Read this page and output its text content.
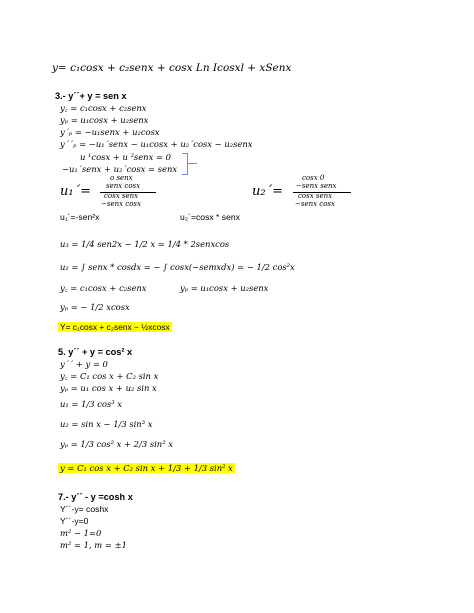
y= c₁cosx + c₂senx + cosx Ln Icosxl + xSenx
3.- y´´+ y = sen x
y꜀ = c₁cosx + c₂senx
yₚ = u₁cosx + u₂senx
y´ₚ = −u₁senx + u₂cosx
y´´ₚ = −u₁´senx − u₁cosx + u₂´cosx − u₂senx
u ¹cosx + u ²senx = 0
−u₁´senx + u₂´cosx = senx
u₁´=
o senx
senx cosx
cosx senx
−senx cosx
u₂´=
cosx 0
−senx senx
cosx senx
−senx cosx
u₁´=-sen²x	u₂´=cosx * senx
u₃ = 1/4 sen2x − 1/2 x = 1/4 * 2senxcos
u₂ = ∫ senx * cosdx = − ∫ cosx(−semxdx) = − 1/2 cos²x
y꜀ = c₁cosx + c₂senx	yₚ = u₁cosx + u₂senx
yₚ = − 1/2 xcosx
Y= c₁cosx + c₂senx − ½xcosx
5. y´´ + y = cos² x
y´´ + y = 0
y꜀ = C₁ cos x + C₂ sin x
yₚ = u₁ cos x + u₂ sin x
u₁ = 1/3 cos³ x
u₂ = sin x − 1/3 sin³ x
yₚ = 1/3 cos² x + 2/3 sin² x
y = C₁ cos x + C₂ sin x + 1/3 + 1/3 sin² x
7.- y´´ - y =cosh x
Y´´-y= coshx
Y´´-y=0
m² − 1=0
m² = 1, m = ±1
